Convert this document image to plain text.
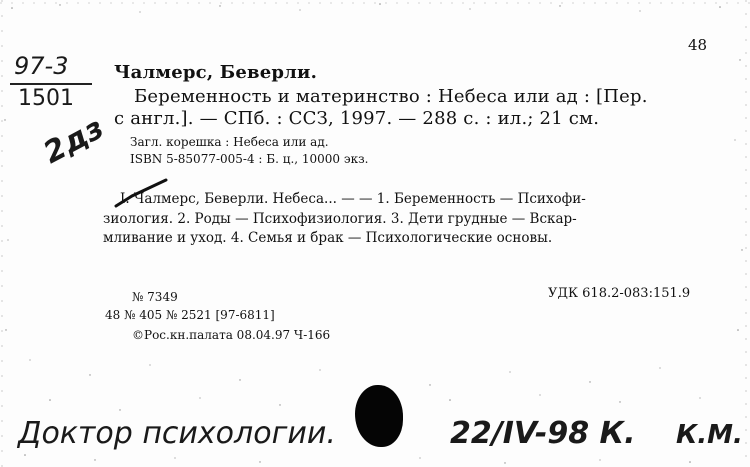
48
97-3
1501
2дз
Чалмерс, Беверли.
Беременность и материнство : Небеса или ад : [Пер.
с англ.]. — СПб. : ССЗ, 1997. — 288 с. : ил.; 21 см.
Загл. корешка : Небеса или ад.
ISBN 5-85077-005-4 : Б. ц., 10000 экз.
I. Чалмерс, Беверли. Небеса... — — 1. Беременность — Психофи-
зиология. 2. Роды — Психофизиология. 3. Дети грудные — Вскар-
мливание и уход. 4. Семья и брак — Психологические основы.
№ 7349	УДК 618.2-083:151.9
48 № 405 № 2521 [97-6811]
©Рос.кн.палата 08.04.97 Ч-166
Доктор психологии.	22/IV-98 К. К.М.
